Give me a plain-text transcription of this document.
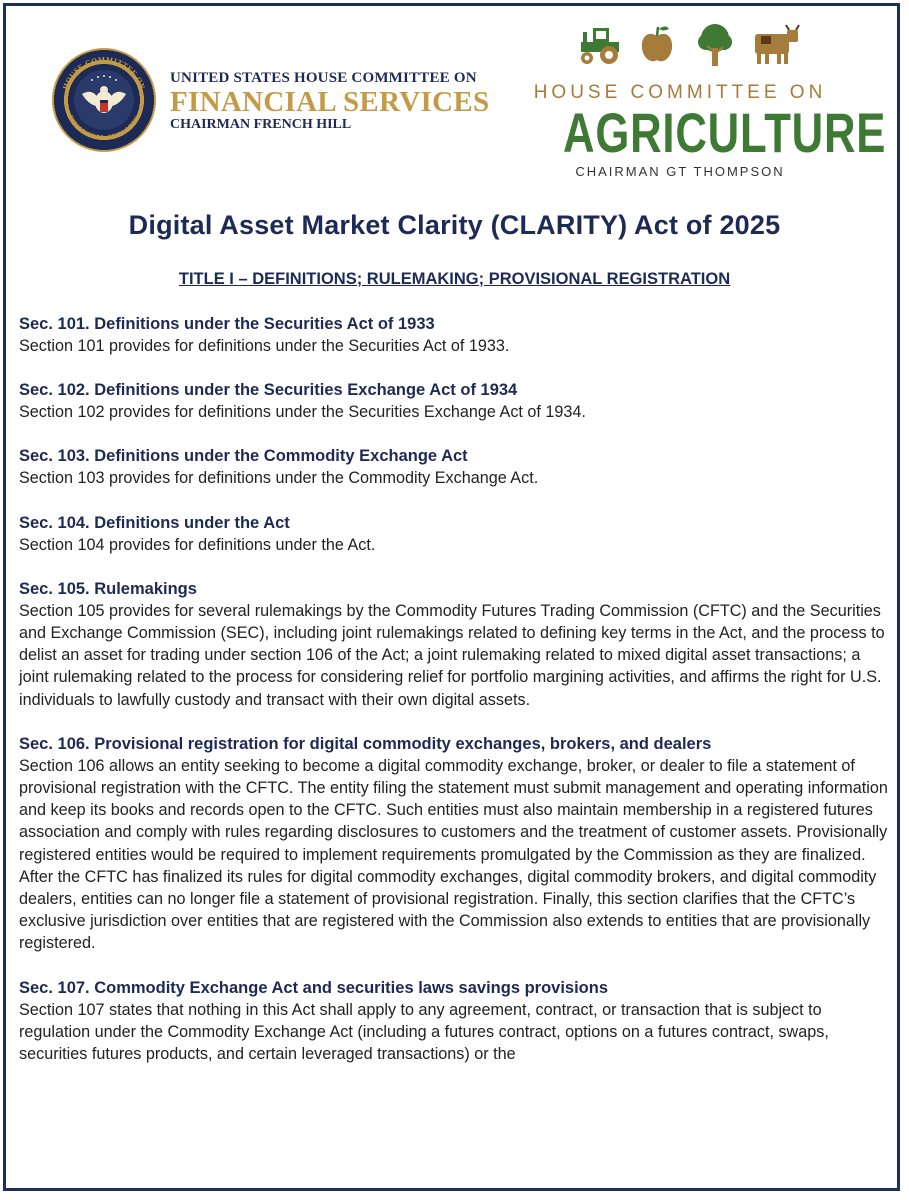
HOUSE COMMITTEE ON
FINANCIAL SERVICES
UNITED STATES HOUSE COMMITTEE ON
FINANCIAL SERVICES
CHAIRMAN FRENCH HILL
HOUSE COMMITTEE ON
AGRICULTURE
CHAIRMAN GT THOMPSON
Digital Asset Market Clarity (CLARITY) Act of 2025
TITLE I – DEFINITIONS; RULEMAKING; PROVISIONAL REGISTRATION
Sec. 101. Definitions under the Securities Act of 1933
Section 101 provides for definitions under the Securities Act of 1933.
Sec. 102. Definitions under the Securities Exchange Act of 1934
Section 102 provides for definitions under the Securities Exchange Act of 1934.
Sec. 103. Definitions under the Commodity Exchange Act
Section 103 provides for definitions under the Commodity Exchange Act.
Sec. 104. Definitions under the Act
Section 104 provides for definitions under the Act.
Sec. 105. Rulemakings
Section 105 provides for several rulemakings by the Commodity Futures Trading Commission (CFTC) and the Securities and Exchange Commission (SEC), including joint rulemakings related to defining key terms in the Act, and the process to delist an asset for trading under section 106 of the Act; a joint rulemaking related to mixed digital asset transactions; a joint rulemaking related to the process for considering relief for portfolio margining activities, and affirms the right for U.S. individuals to lawfully custody and transact with their own digital assets.
Sec. 106. Provisional registration for digital commodity exchanges, brokers, and dealers
Section 106 allows an entity seeking to become a digital commodity exchange, broker, or dealer to file a statement of provisional registration with the CFTC. The entity filing the statement must submit management and operating information and keep its books and records open to the CFTC. Such entities must also maintain membership in a registered futures association and comply with rules regarding disclosures to customers and the treatment of customer assets. Provisionally registered entities would be required to implement requirements promulgated by the Commission as they are finalized. After the CFTC has finalized its rules for digital commodity exchanges, digital commodity brokers, and digital commodity dealers, entities can no longer file a statement of provisional registration. Finally, this section clarifies that the CFTC’s exclusive jurisdiction over entities that are registered with the Commission also extends to entities that are provisionally registered.
Sec. 107. Commodity Exchange Act and securities laws savings provisions
Section 107 states that nothing in this Act shall apply to any agreement, contract, or transaction that is subject to regulation under the Commodity Exchange Act (including a futures contract, options on a futures contract, swaps, securities futures products, and certain leveraged transactions) or the
